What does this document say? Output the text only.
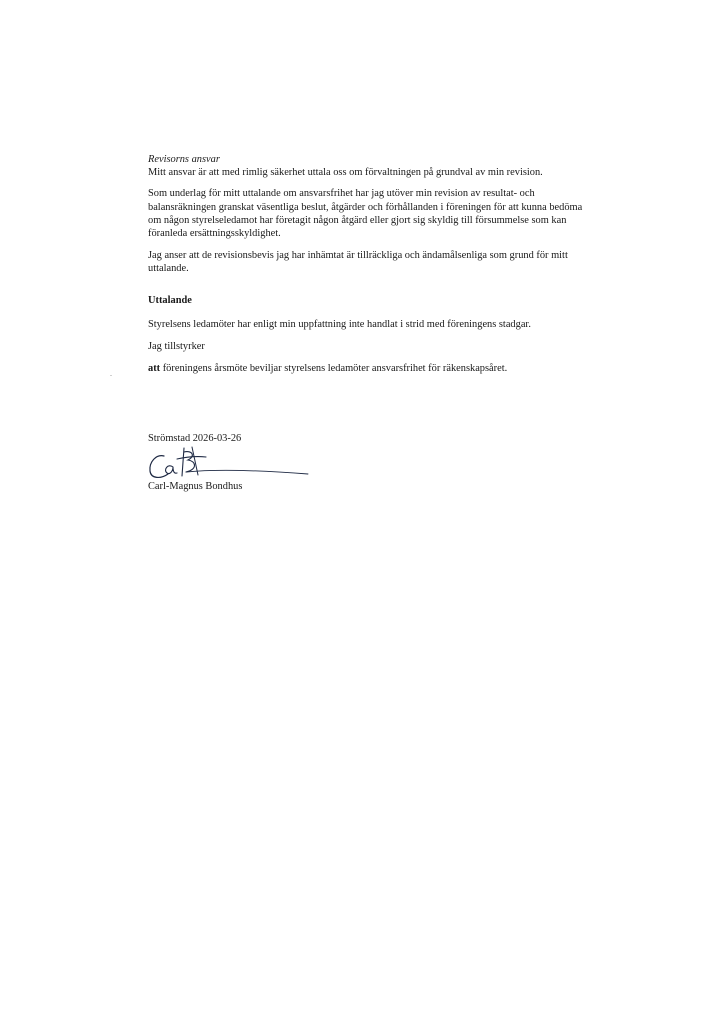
Revisorns ansvar

Mitt ansvar är att med rimlig säkerhet uttala oss om förvaltningen på grundval av min revision.

Som underlag för mitt uttalande om ansvarsfrihet har jag utöver min revision av resultat- och balansräkningen granskat väsentliga beslut, åtgärder och förhållanden i föreningen för att kunna bedöma om någon styrelseledamot har företagit någon åtgärd eller gjort sig skyldig till försummelse som kan föranleda ersättningsskyldighet.

Jag anser att de revisionsbevis jag har inhämtat är tillräckliga och ändamålsenliga som grund för mitt uttalande.

Uttalande

Styrelsens ledamöter har enligt min uppfattning inte handlat i strid med föreningens stadgar.

Jag tillstyrker

att föreningens årsmöte beviljar styrelsens ledamöter ansvarsfrihet för räkenskapsåret.

Strömstad 2026-03-26

Carl-Magnus Bondhus
